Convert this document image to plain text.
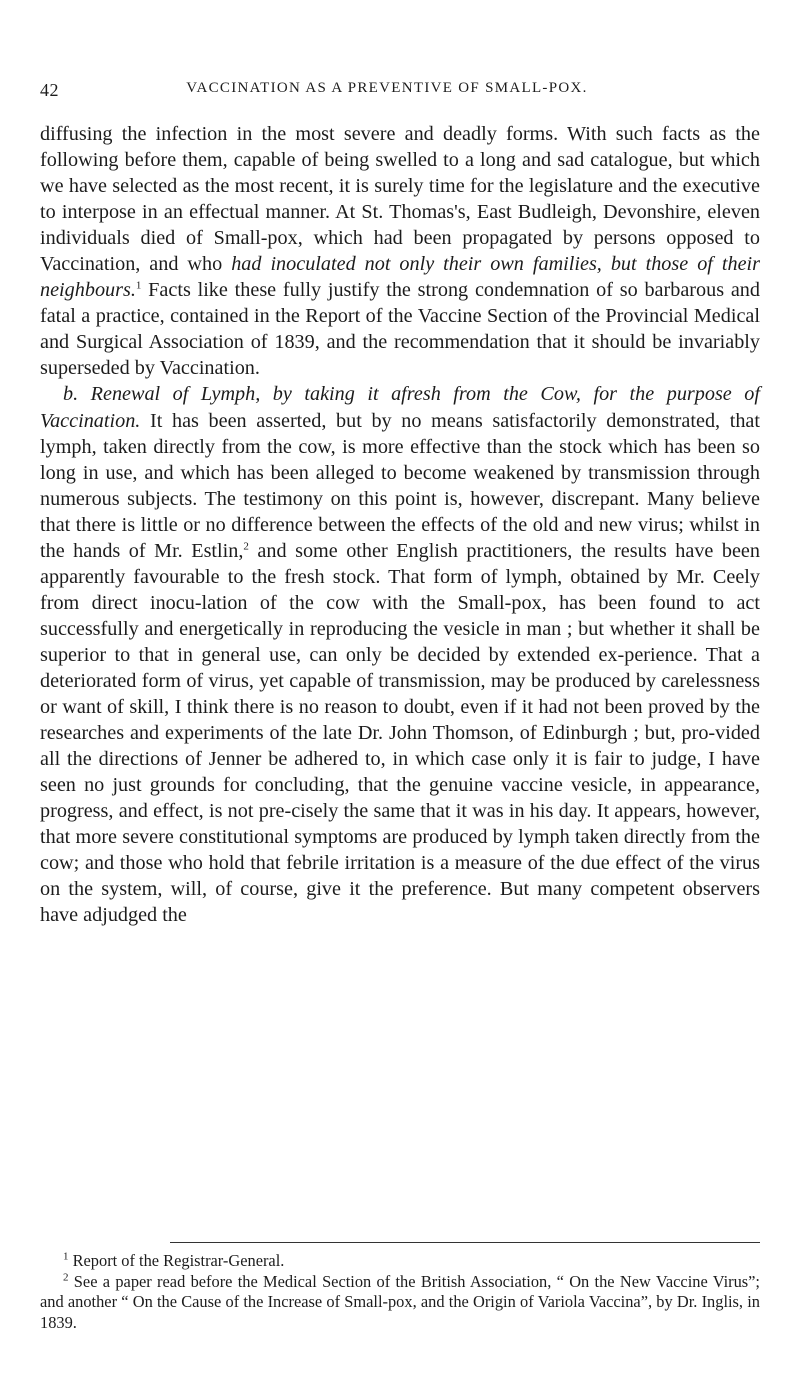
42	VACCINATION AS A PREVENTIVE OF SMALL-POX.

diffusing the infection in the most severe and deadly forms. With such facts as the following before them, capable of being swelled to a long and sad catalogue, but which we have selected as the most recent, it is surely time for the legislature and the executive to interpose in an effectual manner. At St. Thomas's, East Budleigh, Devonshire, eleven individuals died of Small-pox, which had been propagated by persons opposed to Vaccination, and who had inoculated not only their own families, but those of their neighbours.$^1$ Facts like these fully justify the strong condemnation of so barbarous and fatal a practice, contained in the Report of the Vaccine Section of the Provincial Medical and Surgical Association of 1839, and the recommendation that it should be invariably superseded by Vaccination.

b. Renewal of Lymph, by taking it afresh from the Cow, for the purpose of Vaccination. It has been asserted, but by no means satisfactorily demonstrated, that lymph, taken directly from the cow, is more effective than the stock which has been so long in use, and which has been alleged to become weakened by transmission through numerous subjects. The testimony on this point is, however, discrepant. Many believe that there is little or no difference between the effects of the old and new virus; whilst in the hands of Mr. Estlin,$^2$ and some other English practitioners, the results have been apparently favourable to the fresh stock. That form of lymph, obtained by Mr. Ceely from direct inocu-lation of the cow with the Small-pox, has been found to act successfully and energetically in reproducing the vesicle in man ; but whether it shall be superior to that in general use, can only be decided by extended ex-perience. That a deteriorated form of virus, yet capable of transmission, may be produced by carelessness or want of skill, I think there is no reason to doubt, even if it had not been proved by the researches and experiments of the late Dr. John Thomson, of Edinburgh ; but, pro-vided all the directions of Jenner be adhered to, in which case only it is fair to judge, I have seen no just grounds for concluding, that the genuine vaccine vesicle, in appearance, progress, and effect, is not pre-cisely the same that it was in his day. It appears, however, that more severe constitutional symptoms are produced by lymph taken directly from the cow; and those who hold that febrile irritation is a measure of the due effect of the virus on the system, will, of course, give it the preference. But many competent observers have adjudged the

$^1$ Report of the Registrar-General.

$^2$ See a paper read before the Medical Section of the British Association, “ On the New Vaccine Virus”; and another “ On the Cause of the Increase of Small-pox, and the Origin of Variola Vaccina”, by Dr. Inglis, in 1839.
